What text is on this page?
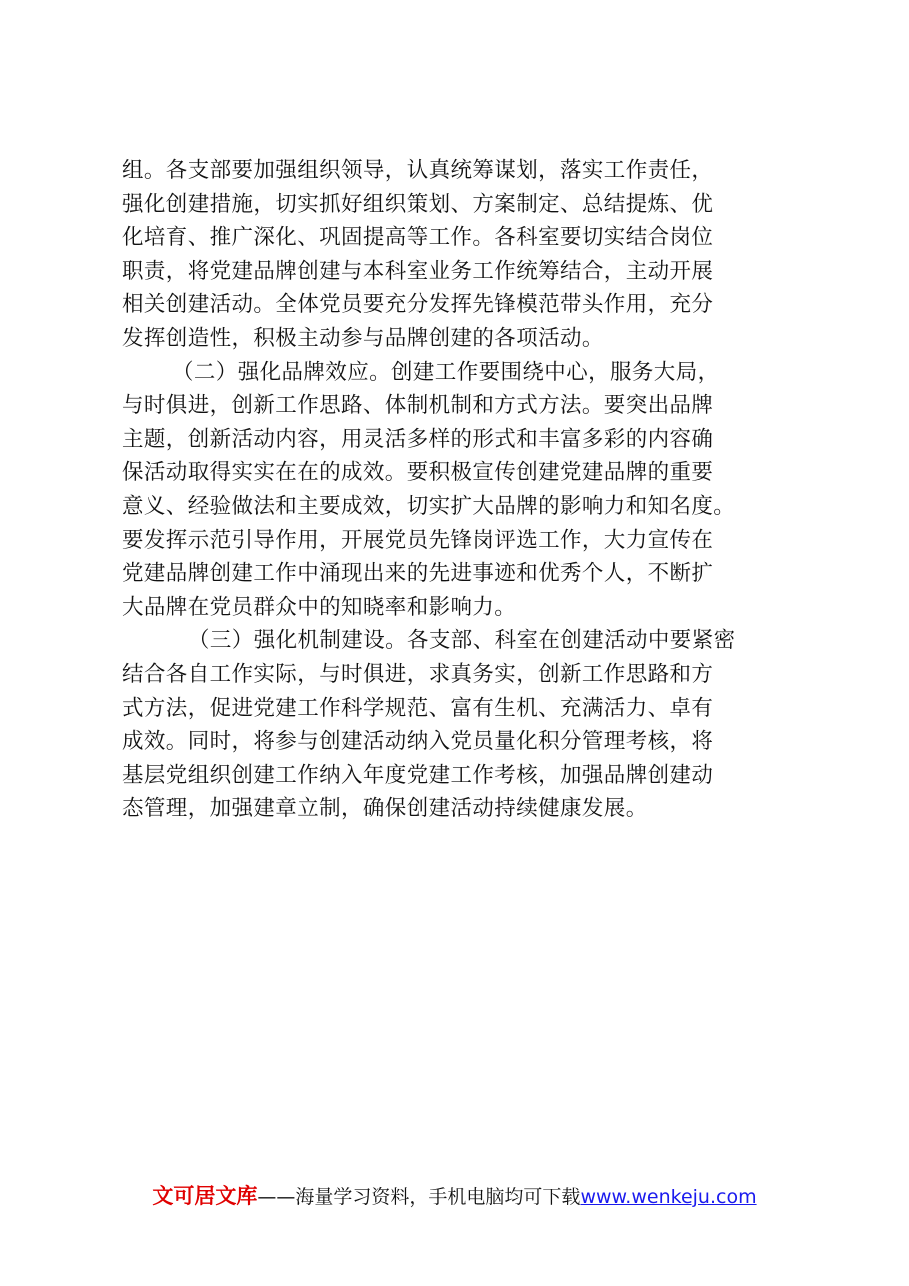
组。各支部要加强组织领导，认真统筹谋划，落实工作责任，
强化创建措施，切实抓好组织策划、方案制定、总结提炼、优
化培育、推广深化、巩固提高等工作。各科室要切实结合岗位
职责，将党建品牌创建与本科室业务工作统筹结合，主动开展
相关创建活动。全体党员要充分发挥先锋模范带头作用，充分
发挥创造性，积极主动参与品牌创建的各项活动。
（二）强化品牌效应。创建工作要围绕中心，服务大局，
与时俱进，创新工作思路、体制机制和方式方法。要突出品牌
主题，创新活动内容，用灵活多样的形式和丰富多彩的内容确
保活动取得实实在在的成效。要积极宣传创建党建品牌的重要
意义、经验做法和主要成效，切实扩大品牌的影响力和知名度。
要发挥示范引导作用，开展党员先锋岗评选工作，大力宣传在
党建品牌创建工作中涌现出来的先进事迹和优秀个人，不断扩
大品牌在党员群众中的知晓率和影响力。
（三）强化机制建设。各支部、科室在创建活动中要紧密
结合各自工作实际，与时俱进，求真务实，创新工作思路和方
式方法，促进党建工作科学规范、富有生机、充满活力、卓有
成效。同时，将参与创建活动纳入党员量化积分管理考核，将
基层党组织创建工作纳入年度党建工作考核，加强品牌创建动
态管理，加强建章立制，确保创建活动持续健康发展。
文可居文库——海量学习资料，手机电脑均可下载www.wenkeju.com
